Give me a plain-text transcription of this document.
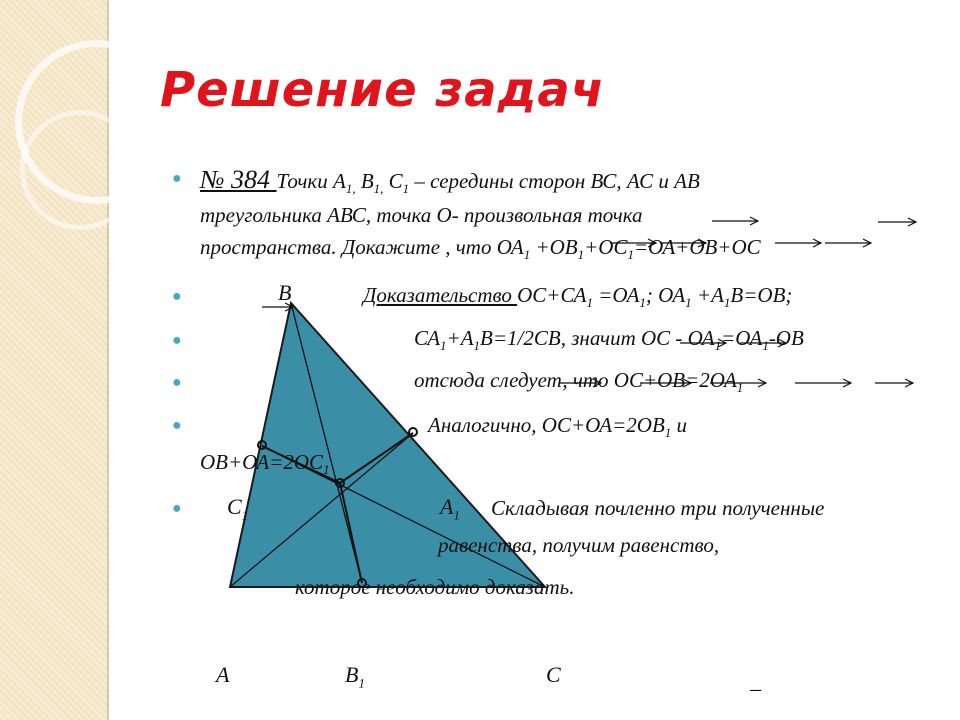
Решение задач
● № 384 Точки $А_{1,}$ $В_{1,}$ $С_1$ – середины сторон ВС, АС и АВ
треугольника АВС, точка О- произвольная точка
пространства. Докажите , что $ОА_1 +ОВ_1+ОС_1=ОА+ОВ+ОС$
●	В	Доказательство $ОС+СА_1 =ОА_1$; $ОА_1 +А_1В=ОВ$;
●	$СА_1+А_1В=1/2СВ$, значит ОС - $ОА_1=ОА_1-ОВ$
●	отсюда следует, что $ОС+ОВ=2ОА_1$
●	Аналогично, $ОС+ОА=2ОВ_1$ и
$ОВ+ОА=2ОС_1$
● $С_1$	$А_1$ Складывая почленно три полученные
равенства, получим равенство,
которое необходимо доказать.
А	$В_1$	С	_
